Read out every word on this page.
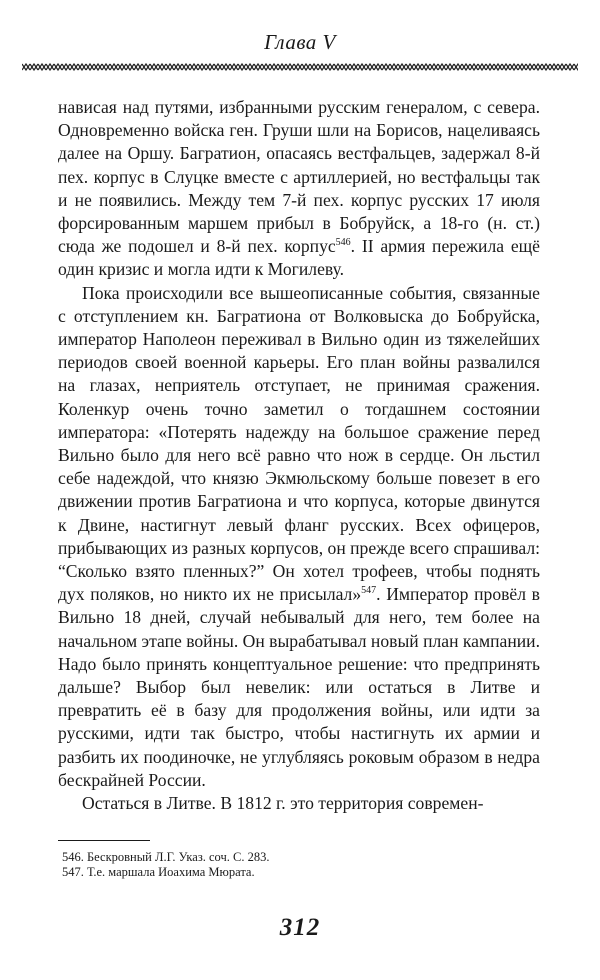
Глава V

нависая над путями, избранными русским генералом, с севера. Одновременно войска ген. Груши шли на Борисов, нацеливаясь далее на Оршу. Багратион, опасаясь вестфальцев, задержал 8-й пех. корпус в Слуцке вместе с артиллерией, но вестфальцы так и не появились. Между тем 7-й пех. корпус русских 17 июля форсированным маршем прибыл в Бобруйск, а 18-го (н. ст.) сюда же подошел и 8-й пех. корпус$^{546}$. II армия пережила ещё один кризис и могла идти к Могилеву.

Пока происходили все вышеописанные события, связанные с отступлением кн. Багратиона от Волковыска до Бобруйска, император Наполеон переживал в Вильно один из тяжелейших периодов своей военной карьеры. Его план войны развалился на глазах, неприятель отступает, не принимая сражения. Коленкур очень точно заметил о тогдашнем состоянии императора: «Потерять надежду на большое сражение перед Вильно было для него всё равно что нож в сердце. Он льстил себе надеждой, что князю Экмюльскому больше повезет в его движении против Багратиона и что корпуса, которые двинутся к Двине, настигнут левый фланг русских. Всех офицеров, прибывающих из разных корпусов, он прежде всего спрашивал: “Сколько взято пленных?” Он хотел трофеев, чтобы поднять дух поляков, но никто их не присылал»$^{547}$. Император провёл в Вильно 18 дней, случай небывалый для него, тем более на начальном этапе войны. Он вырабатывал новый план кампании. Надо было принять концептуальное решение: что предпринять дальше? Выбор был невелик: или остаться в Литве и превратить её в базу для продолжения войны, или идти за русскими, идти так быстро, чтобы настигнуть их армии и разбить их поодиночке, не углубляясь роковым образом в недра бескрайней России.

Остаться в Литве. В 1812 г. это территория современ-

546. Бескровный Л.Г. Указ. соч. С. 283.
547. Т.е. маршала Иоахима Мюрата.
312
